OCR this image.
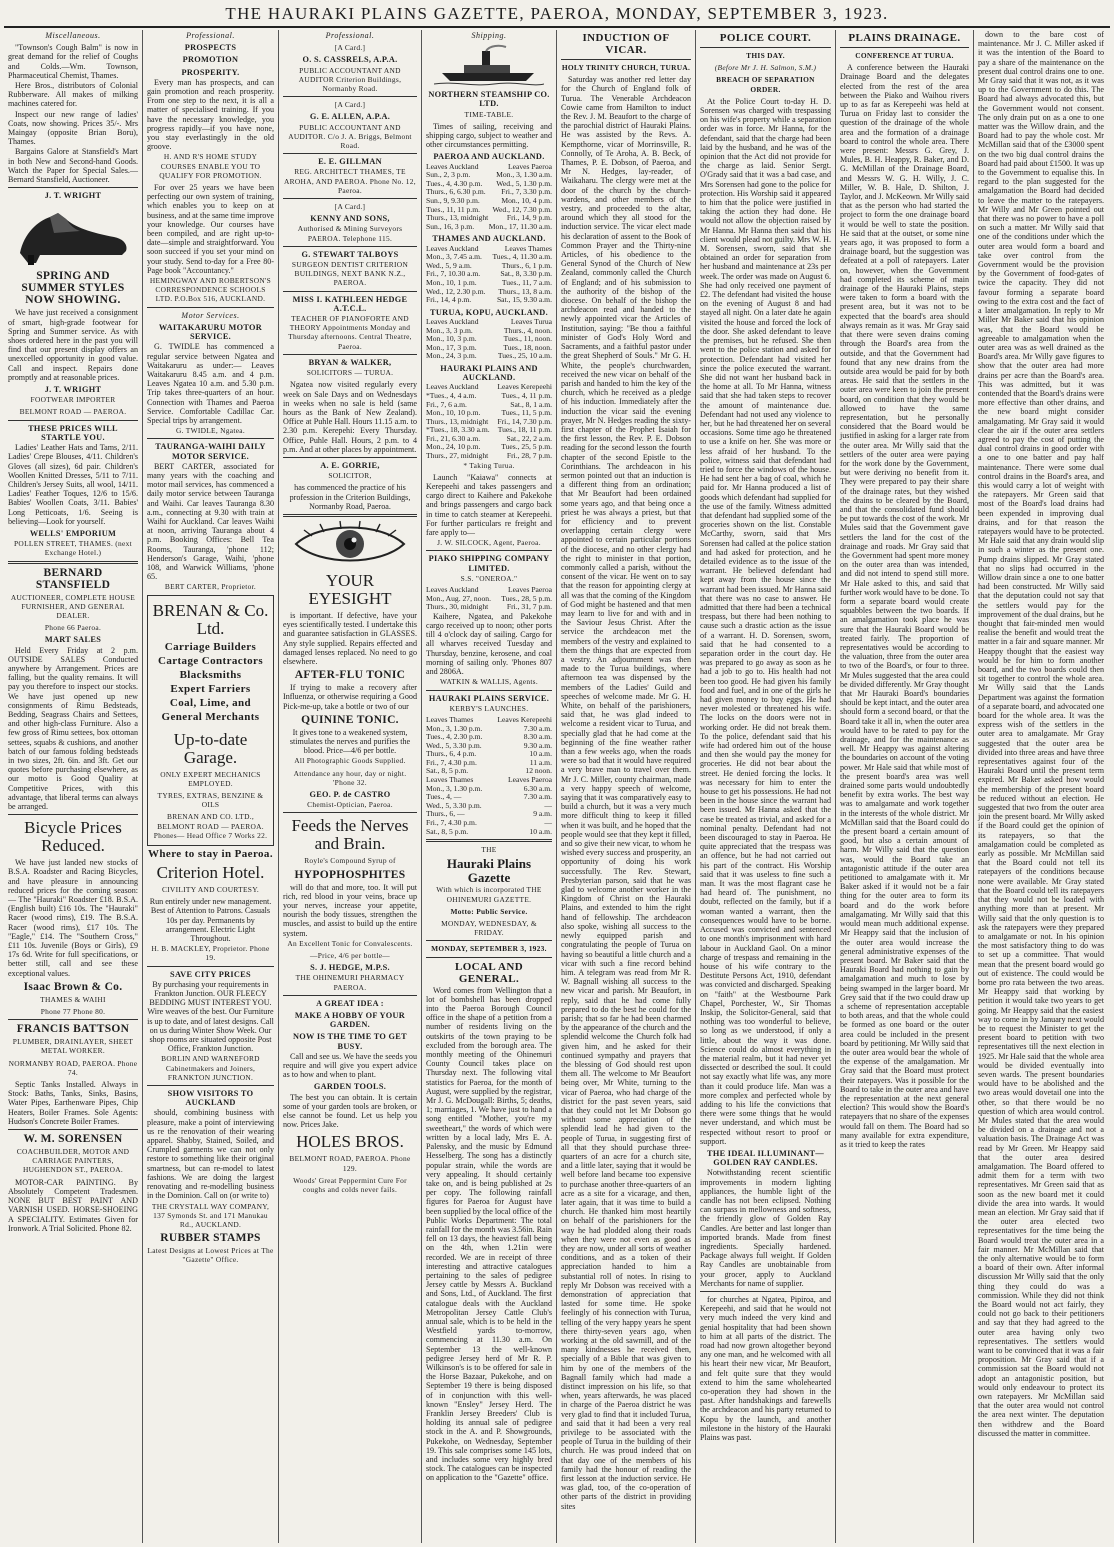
THE HAURAKI PLAINS GAZETTE, PAEROA, MONDAY, SEPTEMBER 3, 1923.
Miscellaneous.

"Townson's Cough Balm" is now in great demand for the relief of Coughs and Colds.—Wm. Townson, Pharmaceutical Chemist, Thames.

Here Bros., distributors of Colonial Rubberware. All makes of milking machines catered for.

Inspect our new range of ladies' Coats, now showing. Prices 35/-. Mrs Maingay (opposite Brian Boru), Thames.

Bargains Galore at Stansfield's Mart in both New and Second-hand Goods. Watch the Paper for Special Sales.—Bernard Stansfield, Auctioneer.

J. T. WRIGHT
SPRING AND SUMMER STYLES NOW SHOWING.

We have just received a consignment of smart, high-grade footwear for Spring and Summer service. As with shoes ordered here in the past you will find that our present display offers an unexcelled opportunity in good value. Call and inspect. Repairs done promptly and at reasonable prices.

J. T. WRIGHT
FOOTWEAR IMPORTER
BELMONT ROAD — PAEROA.
THESE PRICES WILL STARTLE YOU.

Ladies' Leather Hats and Tams, 2/11. Ladies' Crepe Blouses, 4/11. Children's Gloves (all sizes), 6d pair. Children's Woollen Knitted Dresses, 5/11 to 7/11. Children's Jersey Suits, all wool, 14/11. Ladies' Feather Toques, 12/6 to 15/6. Babies' Woollen Coats, 3/11. Babies' Long Petticoats, 1/6. Seeing is believing—Look for yourself.

WELLS' EMPORIUM
POLLEN STREET, THAMES. (next Exchange Hotel.)
BERNARD STANSFIELD
AUCTIONEER, COMPLETE HOUSE FURNISHER, AND GENERAL DEALER.
Phone 66 Paeroa.
MART SALES

Held Every Friday at 2 p.m. OUTSIDE SALES Conducted anywhere by Arrangement. Prices are falling, but the quality remains. It will pay you therefore to inspect our stocks. We have just opened up new consignments of Rimu Bedsteads, Bedding, Seagrass Chairs and Settees, and other high-class Furniture. Also a few gross of Rimu settees, box ottoman settees, squabs & cushions, and another batch of our famous folding bedsteads in two sizes, 2ft. 6in. and 3ft. Get our quotes before purchasing elsewhere, as our motto is Good Quality at Competitive Prices, with this advantage, that liberal terms can always be arranged.

Bicycle Prices Reduced.

We have just landed new stocks of B.S.A. Roadster and Racing Bicycles, and have pleasure in announcing reduced prices for the coming season:— The "Hauraki" Roadster £18. B.S.A. (English built) £16 10s. The "Hauraki" Racer (wood rims), £19. The B.S.A. Racer (wood rims), £17 10s. The "Eagle," £14. The "Southern Cross," £11 10s. Juvenile (Boys or Girls), £9 17s 6d. Write for full specifications, or better still, call and see these exceptional values.

Isaac Brown & Co.
THAMES & WAIHI
Phone 77 Phone 80.
FRANCIS BATTSON
PLUMBER, DRAINLAYER, SHEET METAL WORKER.
NORMANBY ROAD, PAEROA. Phone 74.

Septic Tanks Installed. Always in Stock: Baths, Tanks, Sinks, Basins, Water Pipes, Earthenware Pipes, Chip Heaters, Boiler Frames. Sole Agents: Hudson's Concrete Boiler Frames.

W. M. SORENSEN
COACHBUILDER, MOTOR AND CARRIAGE PAINTERS, HUGHENDON ST., PAEROA.

MOTOR-CAR PAINTING. By Absolutely Competent Tradesmen. NONE BUT BEST PAINT AND VARNISH USED. HORSE-SHOEING A SPECIALITY. Estimates Given for Ironwork. A Trial Solicited. Phone 82.

Professional.
PROSPECTS
PROMOTION
PROSPERITY.

Every man has prospects, and can gain promotion and reach prosperity. From one step to the next, it is all a matter of specialised training. If you have the necessary knowledge, you progress rapidly—if you have none, you stay everlastingly in the old groove.

H. AND R'S HOME STUDY COURSES ENABLE YOU TO QUALIFY FOR PROMOTION.

For over 25 years we have been perfecting our own system of training, which enables you to keep on at business, and at the same time improve your knowledge. Our courses have been compiled, and are right up-to-date—simple and straightforward. You soon succeed if you set your mind on your study. Send to-day for a Free 80-Page book "Accountancy."

HEMINGWAY AND ROBERTSON'S CORRESPONDENCE SCHOOLS LTD. P.O.Box 516, AUCKLAND.
Motor Services.
WAITAKARURU MOTOR SERVICE.

G. TWIDLE has commenced a regular service between Ngatea and Waitakaruru as under:— Leaves Waitakaruru 8.45 a.m. and 4 p.m. Leaves Ngatea 10 a.m. and 5.30 p.m. Trip takes three-quarters of an hour. Connection with Thames and Paeroa Service. Comfortable Cadillac Car. Special trips by arrangement.

G. TWIDLE, Ngatea.
TAURANGA-WAIHI DAILY MOTOR SERVICE.

BERT CARTER, associated for many years with the coaching and motor mail services, has commenced a daily motor service between Tauranga and Waihi. Car leaves Tauranga 8.30 a.m., connecting at 9.30 with train at Waihi for Auckland. Car leaves Waihi at noon, arriving Tauranga about 4 p.m. Booking Offices: Bell Tea Rooms, Tauranga, 'phone 112; Henderson's Garage, Waihi, 'phone 108, and Warwick Williams, 'phone 65.

BERT CARTER, Proprietor.
BRENAN & Co. Ltd.
Carriage Builders
Cartage Contractors
Blacksmiths
Expert Farriers
Coal, Lime, and
General Merchants
Up-to-date Garage.
ONLY EXPERT MECHANICS EMPLOYED.
TYRES, EXTRAS, BENZINE & OILS
BRENAN AND CO. LTD., BELMONT ROAD — PAEROA. Phones— Head Office 7 Works 22.
Where to stay in Paeroa.
Criterion Hotel.
CIVILITY AND COURTESY.

Run entirely under new management. Best of Attention to Patrons. Casuals 10s per day. Permanents by arrangement. Electric Light Throughout.

H. B. MACKLEY, Proprietor. Phone 19.
SAVE CITY PRICES

By purchasing your requirements in Frankton Junction. OUR FLEECY BEDDING MUST INTEREST YOU. Wire weaves of the best. Our Furniture is up to date, and of latest designs. Call on us during Winter Show Week. Our shop rooms are situated opposite Post Office, Frankton Junction.

BORLIN AND WARNEFORD Cabinetmakers and Joiners, FRANKTON JUNCTION.
SHOW VISITORS TO AUCKLAND

should, combining business with pleasure, make a point of interviewing us re the renovation of their wearing apparel. Shabby, Stained, Soiled, and Crumpled garments we can not only restore to something like their original smartness, but can re-model to latest fashions. We are doing the largest renovating and re-modelling business in the Dominion. Call on (or write to)

THE CRYSTALL WAY COMPANY, 137 Symonds St. and 171 Manukau Rd., AUCKLAND.
RUBBER STAMPS
Latest Designs at Lowest Prices at The "Gazette" Office.
Professional.
[A Card.]
O. S. CASSRELS, A.P.A.
PUBLIC ACCOUNTANT AND AUDITOR Criterion Buildings, Normanby Road.
[A Card.]
G. E. ALLEN, A.P.A.
PUBLIC ACCOUNTANT AND AUDITOR. C/o J. A. Briggs, Belmont Road.
E. E. GILLMAN
REG. ARCHITECT THAMES, TE AROHA, AND PAEROA. Phone No. 12, Paeroa.
[A Card.]
KENNY AND SONS,
Authorised & Mining Surveyors PAEROA. Telephone 115.
G. STEWART TALBOYS
SURGEON DENTIST CRITERION BUILDINGS, NEXT BANK N.Z., PAEROA.
MISS I. KATHLEEN HEDGE A.T.C.L.
TEACHER OF PIANOFORTE AND THEORY Appointments Monday and Thursday afternoons. Central Theatre, Paeroa.
BRYAN & WALKER,
SOLICITORS — TURUA.

Ngatea now visited regularly every week on Sale Days and on Wednesdays in weeks when no sale is held (same hours as the Bank of New Zealand). Office at Puhle Hall. Hours 11.15 a.m. to 2.30 p.m. Kerepehi: Every Thursday. Office, Puhle Hall. Hours, 2 p.m. to 4 p.m. And at other places by appointment.

A. E. GORRIE,
SOLICITOR,

has commenced the practice of his profession in the Criterion Buildings, Normanby Road, Paeroa.

YOUR EYESIGHT

is important. If defective, have your eyes scientifically tested. I undertake this and guarantee satisfaction in GLASSES. Any style supplied. Repairs effected and damaged lenses replaced. No need to go elsewhere.

AFTER-FLU TONIC

If trying to make a recovery after Influenza, or otherwise requiring a Good Pick-me-up, take a bottle or two of our

QUININE TONIC.

It gives tone to a weakened system, stimulates the nerves and purifies the blood. Price—4/6 per bottle.

All Photographic Goods Supplied.
Attendance any hour, day or night. 'Phone 32.
GEO. P. de CASTRO
Chemist-Optician, Paeroa.
Feeds the Nerves and Brain.
Royle's Compound Syrup of
HYPOPHOSPHITES

will do that and more, too. It will put rich, red blood in your veins, brace up your nerves, increase your appetite, nourish the body tissues, strengthen the muscles, and assist to build up the entire system.

An Excellent Tonic for Convalescents.
—Price, 4/6 per bottle—
S. J. HEDGE, M.P.S.
THE OHINEMURI PHARMACY PAEROA.
A GREAT IDEA :
MAKE A HOBBY OF YOUR GARDEN.
NOW IS THE TIME TO GET BUSY.

Call and see us. We have the seeds you require and will give you expert advice as to how and when to plant.

GARDEN TOOLS.

The best you can obtain. It is certain some of your garden tools are broken, or else cannot be found. Let us help you now. Prices Jake.

HOLES BROS.
BELMONT ROAD, PAEROA. Phone 129.
Woods' Great Peppermint Cure For coughs and colds never fails.
Shipping.
NORTHERN STEAMSHIP CO. LTD.
TIME-TABLE.

Times of sailing, receiving and shipping cargo, subject to weather and other circumstances permitting.

PAEROA AND AUCKLAND.
Leaves Auckland	Leaves Paeroa
Sun., 2, 3 p.m.	Mon., 3, 1.30 a.m.
Tues., 4, 4.30 p.m. Wed., 5, 1.30 p.m.
Thurs., 6, 6.30 p.m. Fri., 7, 3.30 p.m.
Sun., 9, 9.30 p.m.	Mon., 10, 4 p.m.
Tues., 11, 11 p.m. Wed., 12, 7.30 p.m.
Thurs., 13, midnight Fri., 14, 9 p.m.
Sun., 16, 3 p.m. Mon., 17, 11.30 a.m.
THAMES AND AUCKLAND.
Leaves Auckland	Leaves Thames
Mon., 3, 7.45 a.m. Tues., 4, 11.30 a.m.
Wed., 5, 9 a.m.	Thurs., 6, 1 p.m.
Fri., 7, 10.30 a.m.	Sat., 8, 3.30 p.m.
Mon., 10, 1 p.m.	Tues., 11, 7 a.m.
Wed., 12, 2.30 p.m. Thurs., 13, 8 a.m.
Fri., 14, 4 p.m.	Sat., 15, 9.30 a.m.
TURUA, KOPU, AUCKLAND.
Leaves Auckland	Leaves Turua
Mon., 3, 3 p.m.	Thurs., 4, noon.
Mon., 10, 3 p.m.	Tues., 11, noon.
Mon., 17, 3 p.m.	Tues., 18, noon.
Mon., 24, 3 p.m.	Tues., 25, 10 a.m.
HAURAKI PLAINS AND AUCKLAND.
Leaves Auckland Leaves Kerepeehi
*Tues., 4, 4 a.m.	Tues., 4, 11 p.m.
Fri., 7, 6 a.m.	Sat., 8, 1 a.m.
Mon., 10, 10 p.m.	Tues., 11, 5 p.m.
Thurs., 13, midnight Fri., 14, 7.30 p.m.
*Tues., 18, 3.30 a.m. Tues., 18, 11 p.m.
Fri., 21, 6.30 a.m.	Sat., 22, 2 a.m.
Mon., 24, 10 p.m.	Tues., 25, 5 p.m.
Thurs., 27, midnight Fri., 28, 7 p.m.
* Taking Turua.

Launch "Kaiawa" connects at Kerepeehi and takes passengers and cargo direct to Kaihere and Pakekohe and brings passengers and cargo back in time to catch steamer at Kerepeehi. For further particulars re freight and fare apply to—

J. W. SILCOCK, Agent, Paeroa.
PIAKO SHIPPING COMPANY LIMITED.
S.S. "ONEROA."
Leaves Auckland	Leaves Paeroa
Mon., Aug. 27, noon. Tues., 28, 5 p.m.
Thurs., 30, midnight Fri., 31, 7 p.m.

Kaihere, Ngatea, and Pakekohe cargo received up to noon; other ports till 4 o'clock day of sailing. Cargo for all wharves received Tuesday and Thursday, benzine, kerosene, and coal morning of sailing only. 'Phones 807 and 2806A.

WATKIN & WALLIS, Agents.
HAURAKI PLAINS SERVICE.
KERBY'S LAUNCHES.
Leaves Thames	Leaves Kerepeehi
Mon., 3, 1.30 p.m.	7.30 a.m.
Tues., 4, 2.30 p.m.	8.30 a.m.
Wed., 5, 3.30 p.m.	9.30 a.m.
Thurs., 6, 4 p.m.	10 a.m.
Fri., 7, 4.30 p.m.	11 a.m.
Sat., 8, 5 p.m.	12 noon.
Leaves Thames	Leaves Paeroa
Mon., 3, 1.30 p.m.	6.30 a.m.
Tues., 4, —	7.30 a.m.
Wed., 5, 3.30 p.m.	—
Thurs., 6, —	9 a.m.
Fri., 7, 4.30 p.m.	—
Sat., 8, 5 p.m.	10 a.m.
THE
Hauraki Plains Gazette
With which is incorporated THE OHINEMURI GAZETTE.
Motto: Public Service.
MONDAY, WEDNESDAY, & FRIDAY.
MONDAY, SEPTEMBER 3, 1923.
LOCAL AND GENERAL.

Word comes from Wellington that a lot of bombshell has been dropped into the Paeroa Borough Council office in the shape of a petition from a number of residents living on the outskirts of the town praying to be excluded from the borough area. The monthly meeting of the Ohinemuri County Council takes place on Thursday next. The following vital statistics for Paeroa, for the month of August, were supplied by the registrar, Mr J. G. McDougall: Births, 5; deaths, 1; marriages, 1. We have just to hand a song entitled "Mother, you're my sweetheart," the words of which were written by a local lady, Mrs E. A. Palensky, and the music by Edmund Hesselberg. The song has a distinctly popular strain, while the words are very appealing. It should certainly take on, and is being published at 2s per copy. The following rainfall figures for Paeroa for August have been supplied by the local office of the Public Works Department: The total rainfall for the month was 3.56in. Rain fell on 13 days, the heaviest fall being on the 4th, when 1.21in were recorded. We are in receipt of three interesting and attractive catalogues pertaining to the sales of pedigree Jersey cattle by Messrs A. Buckland and Sons, Ltd., of Auckland. The first catalogue deals with the Auckland Metropolitan Jersey Cattle Club's annual sale, which is to be held in the Westfield yards to-morrow, commencing at 11.30 a.m. On September 13 the well-known pedigree Jersey herd of Mr R. P. Wilkinson's is to be offered for sale in the Horse Bazaar, Pukekohe, and on September 19 there is being disposed of in conjunction with this well-known "Ensley" Jersey Herd. The Franklin Jersey Breeders' Club is holding its annual sale of pedigree stock in the A. and P. Showgrounds, Pukekohe, on Wednesday, September 19. This sale comprises some 145 lots, and includes some very highly bred stock. The catalogues can be inspected on application to the "Gazette" office.

INDUCTION OF VICAR.
HOLY TRINITY CHURCH, TURUA.

Saturday was another red letter day for the Church of England folk of Turua. The Venerable Archdeacon Cowie came from Hamilton to induct the Rev. J. M. Beaufort to the charge of the parochial district of Hauraki Plains. He was assisted by the Revs. A. Kempthorne, vicar of Morrinsville, R. Connolly, of Te Aroha, A. B. Beck, of Thames, P. E. Dobson, of Paeroa, and Mr N. Hedges, lay-reader, of Waikaharu. The clergy were met at the door of the church by the church-wardens, and other members of the vestry, and proceeded to the altar, around which they all stood for the induction service. The vicar elect made his declaration of assent to the Book of Common Prayer and the Thirty-nine Articles, of his obedience to the General Synod of the Church of New Zealand, commonly called the Church of England; and of his submission to the authority of the bishop of the diocese. On behalf of the bishop the archdeacon read and handed to the newly appointed vicar the Articles of Institution, saying: "Be thou a faithful minister of God's Holy Word and Sacraments, and a faithful pastor under the great Shepherd of Souls." Mr G. H. White, the people's churchwarden, received the new vicar on behalf of the parish and handed to him the key of the church, which he received as a pledge of his induction. Immediately after the induction the vicar said the evening prayer, Mr N. Hedges reading the sixty-first chapter of the Prophet Isaiah for the first lesson, the Rev. P. E. Dobson reading for the second lesson the fourth chapter of the second Epistle to the Corinthians. The archdeacon in his sermon pointed out that an induction is a different thing from an ordination; that Mr Beaufort had been ordained some years ago, and that being once a priest he was always a priest, but that for efficiency and to prevent overlapping certain clergy were appointed to certain particular portions of the diocese, and no other clergy had the right to minister in that portion, commonly called a parish, without the consent of the vicar. He went on to say that the reason for appointing clergy at all was that the coming of the Kingdom of God might be hastened and that men may learn to live for and with and in the Saviour Jesus Christ. After the service the archdeacon met the members of the vestry and explained to them the things that are expected from a vestry. An adjournment was then made to the Turua buildings, where afternoon tea was dispensed by the members of the Ladies' Guild and speeches of welcome made. Mr G. H. White, on behalf of the parishioners, said that, he was glad indeed to welcome a resident vicar to Turua, and specially glad that he had come at the beginning of the fine weather rather than a few weeks ago, when the roads were so bad that it would have required a very brave man to travel over them. Mr J. C. Miller, county chairman, made a very happy speech of welcome, saying that it was comparatively easy to build a church, but it was a very much more difficult thing to keep it filled when it was built, and he hoped that the people would see that they kept it filled, and so give their new vicar, to whom he wished every success and prosperity, an opportunity of doing his work successfully. The Rev. Stewart, Presbyterian parson, said that he was glad to welcome another worker in the Kingdom of Christ on the Hauraki Plains, and extended to him the right hand of fellowship. The archdeacon also spoke, wishing all success to the newly equipped parish and congratulating the people of Turua on having so beautiful a little church and a vicar with such a fine record behind him. A telegram was read from Mr R. W. Bagnall wishing all success to the new vicar and parish. Mr Beaufort, in reply, said that he had come fully prepared to do the best he could for the parish; that so far he had been charmed by the appearance of the church and the splendid welcome the Church folk had given him, and he asked for their continued sympathy and prayers that the blessing of God should rest upon them all. The welcome to Mr Beaufort being over, Mr White, turning to the vicar of Paeroa, who had charge of the district for the past seven years, said that they could not let Mr Dobson go without some appreciation of the splendid lead he had given to the people of Turua, in suggesting first of all that they should purchase three-quarters of an acre for a church site, and a little later, saying that it would be well before land became too expensive to purchase another three-quarters of an acre as a site for a vicarage, and then, later again, that it was time to build a church. He thanked him most heartily on behalf of the parishioners for the way he had plodded along their roads when they were not even as good as they are now, under all sorts of weather conditions, and as a token of their appreciation handed to him a substantial roll of notes. In rising to reply Mr Dobson was received with a demonstration of appreciation that lasted for some time. He spoke feelingly of his connection with Turua, telling of the very happy years he spent there thirty-seven years ago, when working at the old sawmill, and of the many kindnesses he received then, specially of a Bible that was given to him by one of the members of the Bagnall family which had made a distinct impression on his life, so that when, years afterwards, he was placed in charge of the Paeroa district he was very glad to find that it included Turua, and said that it had been a very real privilege to be associated with the people of Turua in the building of their church. He was proud indeed that on that day one of the members of his family had the honour of reading the first lesson at the induction service. He was glad, too, of the co-operation of other parts of the district in providing sites

POLICE COURT.
THIS DAY.
(Before Mr J. H. Salmon, S.M.)
BREACH OF SEPARATION ORDER.

At the Police Court to-day H. D. Sorensen was charged with trespassing on his wife's property while a separation order was in force. Mr Hanna, for the defendant, said that the charge had been laid by the husband, and he was of the opinion that the Act did not provide for the charge as laid. Senior Sergt. O'Grady said that it was a bad case, and Mrs Sorensen had gone to the police for protection. His Worship said it appeared to him that the police were justified in taking the action they had done. He would not allow the objection raised by Mr Hanna. Mr Hanna then said that his client would plead not guilty. Mrs W. H. M. Sorensen, sworn, said that she obtained an order for separation from her husband and maintenance at 23s per week. The order was made on August 6. She had only received one payment of £2. The defendant had visited the house on the evening of August 8 and had stayed all night. On a later date he again visited the house and forced the lock of the door. She asked defendant to leave the premises, but he refused. She then went to the police station and asked for protection. Defendant had visited her since the police executed the warrant. She did not want her husband back in the home at all. To Mr Hanna, witness said that she had taken steps to recover the amount of maintenance due. Defendant had not used any violence to her, but he had threatened her on several occasions. Some time ago he threatened to use a knife on her. She was more or less afraid of her husband. To the police, witness said that defendant had tried to force the windows of the house. He had sent her a bag of coal, which he paid for. Mr Hanna produced a list of goods which defendant had supplied for the use of the family. Witness admitted that defendant had supplied some of the groceries shown on the list. Constable McCarthy, sworn, said that Mrs Sorensen had called at the police station and had asked for protection, and he detailed evidence as to the issue of the warrant. He believed defendant had kept away from the house since the warrant had been issued. Mr Hanna said that there was no case to answer. He admitted that there had been a technical trespass, but there had been nothing to cause such a drastic action as the issue of a warrant. H. D. Sorensen, sworn, said that he had consented to a separation order in the court day. He was prepared to go away as soon as he had a job to go to. His health had not been too good. He had given his family food and fuel, and in one of the girls he had given money to buy eggs. He had never molested or threatened his wife. The locks on the doors were not in working order. He did not break them. To the police, defendant said that his wife had ordered him out of the house and then she would pay the money for groceries. He did not bear about the street. He denied forcing the locks. It was necessary for him to enter the house to get his possessions. He had not been in the house since the warrant had been issued. Mr Hanna asked that the case be treated as trivial, and asked for a nominal penalty. Defendant had not been discouraged to stay in Paeroa. He quite appreciated that the trespass was an offence, but he had not carried out his part of the contract. His Worship said that it was useless to fine such a man. It was the most flagrant case he had heard of. The punishment, no doubt, reflected on the family, but if a woman wanted a warrant, then the consequences would have to be borne. Accused was convicted and sentenced to one month's imprisonment with hard labour in Auckland Gaol. On a minor charge of trespass and remaining in the house of his wife contrary to the Destitute Persons Act, 1910, defendant was convicted and discharged. Speaking on "faith" at the Westbourne Park Chapel, Porchester, W., Sir Thomas Inskip, the Solicitor-General, said that nothing was too wonderful to believe, so long as we understood, if only a little, about the way it was done. Science could do almost everything in the material realm, but it had never yet dissected or described the soul. It could not say exactly what life was, any more than it could produce life. Man was a more complex and perfected whole by adding to his life the convictions that there were some things that he would never understand, and which must be respected without resort to proof or support.

THE IDEAL ILLUMINANT—GOLDEN RAY CANDLES.

Notwithstanding recent scientific improvements in modern lighting appliances, the humble light of the candle has not been eclipsed. Nothing can surpass in mellowness and softness, the friendly glow of Golden Ray Candles. Are better and last longer than imported brands. Made from finest ingredients. Specially hardened. Package always full weight. If Golden Ray Candles are unobtainable from your grocer, apply to Auckland Merchants for name of supplier.

for churches at Ngatea, Pipiroa, and Kerepeehi, and said that he would not very much indeed the very kind and genial hospitality that had been shown to him at all parts of the district. The road had now grown altogether beyond any one man, and he welcomed with all his heart their new vicar, Mr Beaufort, and felt quite sure that they would extend to him the same wholehearted co-operation they had shown in the past. After handshakings and farewells the archdeacon and his party returned to Kopu by the launch, and another milestone in the history of the Hauraki Plains was past.

PLAINS DRAINAGE.
CONFERENCE AT TURUA.

A conference between the Hauraki Drainage Board and the delegates elected from the rest of the area between the Piako and Waihou rivers up to as far as Kerepeehi was held at Turua on Friday last to consider the question of the drainage of the whole area and the formation of a drainage board to control the whole area. There were present: Messrs G. Grey, J. Mules, B. H. Heappy, R. Baker, and D. G. McMillan of the Drainage Board, and Messrs W. G. H. Willy, J. C. Miller, W. B. Hale, D. Shilton, J. Taylor, and J. McKeown. Mr Willy said that as the person who had started the project to form the one drainage board it would be well to state the position. He said that at the outset, or some nine years ago, it was proposed to form a drainage board, but the suggestion was defeated at a poll of ratepayers. Later on, however, when the Government had completed its scheme of main drainage of the Hauraki Plains, steps were taken to form a board with the present area, but it was not to be expected that the board's area should always remain as it was. Mr Gray said that there were seven drains coming through the Board's area from the outside, and that the Government had found that any new drains from the outside area would be paid for by both areas. He said that the settlers in the outer area were keen to join the present board, on condition that they would be allowed to have the same representation, but he personally considered that the Board would be justified in asking for a larger rate from the outer area. Mr Willy said that the settlers of the outer area were paying for the work done by the Government, but were deriving no benefit from it. They were prepared to pay their share of the drainage rates, but they wished the drains to be cleared by the Board, and that the consolidated fund should be put towards the cost of the work. Mr Mules said that the Government gave settlers the land for the cost of the drainage and roads. Mr Gray said that the Government had spent more money on the outer area than was intended, and did not intend to spend still more. Mr Hale asked to this, and said that further work would have to be done. To form a separate board would create squabbles between the two boards. If an amalgamation took place he was sure that the Hauraki Board would be treated fairly. The proportion of representatives would be according to the valuation, three from the outer area to two of the Board's, or four to three. Mr Mules suggested that the area could be divided differently. Mr Gray thought that Mr Hauraki Board's boundaries should be kept intact, and the outer area should form a second board, or that the Board take it all in, when the outer area would have to be rated to pay for the drainage, and for the maintenance as well. Mr Heappy was against altering the boundaries on account of the voting power. Mr Hale said that while most of the present board's area was well drained some parts would undoubtedly benefit by extra works. The best way was to amalgamate and work together in the interests of the whole district. Mr McMillan said that the Board could do the present board a certain amount of good, but also a certain amount of harm. Mr Willy said that the question was, would the Board take an antagonistic attitude if the outer area petitioned to amalgamate with it. Mr Baker asked if it would not be a fair thing for the outer area to form its board and do the work before amalgamating. Mr Willy said that this would mean much additional expense. Mr Heappy said that the inclusion of the outer area would increase the general administrative expenses of the present board. Mr Baker said that the Hauraki Board had nothing to gain by amalgamation and much to lose by being swamped in the larger board. Mr Grey said that if the two could draw up a scheme of representation acceptable to both areas, and that the whole could be formed as one board or the outer area could be included in the present board by petitioning. Mr Willy said that the outer area would bear the whole of the expense of the amalgamation. Mr Gray said that the Board must protect their ratepayers. Was it possible for the Board to take in the outer area and have the representation at the next general election? This would show the Board's ratepayers that no share of the expenses would fall on them. The Board had so many available for extra expenditure, as it tried to keep the rates

down to the bare cost of maintenance. Mr J. C. Miller asked if it was the intention of the Board to pay a share of the maintenance on the present dual control drains one to one. Mr Gray said that it was not, as it was up to the Government to do this. The Board had always advocated this, but the Government would not consent. The only drain put on as a one to one matter was the Willow drain, and the Board had to pay the whole cost. Mr McMillan said that of the £3000 spent on the two big dual control drains the Board had paid about £1500. It was up to the Government to equalise this. In regard to the plan suggested for the amalgamation the Board had decided to leave the matter to the ratepayers. Mr Willy and Mr Green pointed out that there was no power to have a poll on such a matter. Mr Willy said that one of the conditions under which the outer area would form a board and take over control from the Government would be the provision by the Government of food-gates of twice the capacity. They did not favour forming a separate board owing to the extra cost and the fact of a later amalgamation. In reply to Mr Miller Mr Baker said that his opinion was, that the Board would be agreeable to amalgamation when the outer area was as well drained as the Board's area. Mr Willy gave figures to show that the outer area had more drains per acre than the Board's area. This was admitted, but it was contended that the Board's drains were more effective than other drains, and the new board might consider amalgamating. Mr Gray said it would clear the air if the outer area settlers agreed to pay the cost of putting the dual control drains in good order with a one to one batter and pay half maintenance. There were some dual control drains in the Board's area, and this would carry a lot of weight with the ratepayers. Mr Green said that most of the Board's load drains had been expended in improving dual drains, and for that reason the ratepayers would have to be protected. Mr Hale said that any drain would slip in such a winter as the present one. Pump drains slipped. Mr Gray stated that no slips had occurred in the Willow drain since a one to one batter had been constructed. Mr Willy said that the deputation could not say that the settlers would pay for the improvement of the dual drains, but he thought that fair-minded men would realise the benefit and would treat the matter in a fair and square manner. Mr Heappy thought that the easiest way would be for him to form another board, and the two boards could then sit together to control the whole area. Mr Willy said that the Lands Department was against the formation of a separate board, and advocated one board for the whole area. It was the express wish of the settlers in the outer area to amalgamate. Mr Gray suggested that the outer area be divided into three areas and have three representatives against four of the Hauraki Board until the present term expired. Mr Baker asked how would the membership of the present board be reduced without an election. He suggested that two from the outer area join the present board. Mr Willy asked if the Board could get the opinion of its ratepayers, so that the amalgamation could be completed as early as possible. Mr McMillan said that the Board could not tell its ratepayers of the conditions because none were available. Mr Gray stated that the Board could tell its ratepayers that they would not be loaded with anything more than at present. Mr Willy said that the only question is to ask the ratepayers were they prepared to amalgamate or not. In his opinion the most satisfactory thing to do was to set up a committee. That would mean that the present board would go out of existence. The could would be borne pro rata between the two areas. Mr Heappy said that working by petition it would take two years to get going. Mr Heappy said that the easiest way to come in by January next would be to request the Minister to get the present board to petition with two representatives till the next election in 1925. Mr Hale said that the whole area would be divided eventually into seven wards. The present boundaries would have to be abolished and the two areas would dovetail one into the other, so that there would be no question of which area would control. Mr Mules stated that the area would be divided on a drainage and not a valuation basis. The Drainage Act was read by Mr Green. Mr Heappy said that the outer area desired amalgamation. The Board offered to admit them for a term with two representatives. Mr Green said that as soon as the new board met it could divide the area into wards. It would mean an election. Mr Gray said that if the outer area elected two representatives for the time being the Board would treat the outer area in a fair manner. Mr McMillan said that the only alternative would be to form a board of their own. After informal discussion Mr Willy said that the only thing they could do was a commission. While they did not think the Board would not act fairly, they could not go back to their petitioners and say that they had agreed to the outer area having only two representatives. The settlers would want to be convinced that it was a fair proposition. Mr Gray said that if a commission sat the Board would not adopt an antagonistic position, but would only endeavour to protect its own ratepayers. Mr McMillan said that the outer area would not control the area next winter. The deputation then withdrew and the Board discussed the matter in committee.
